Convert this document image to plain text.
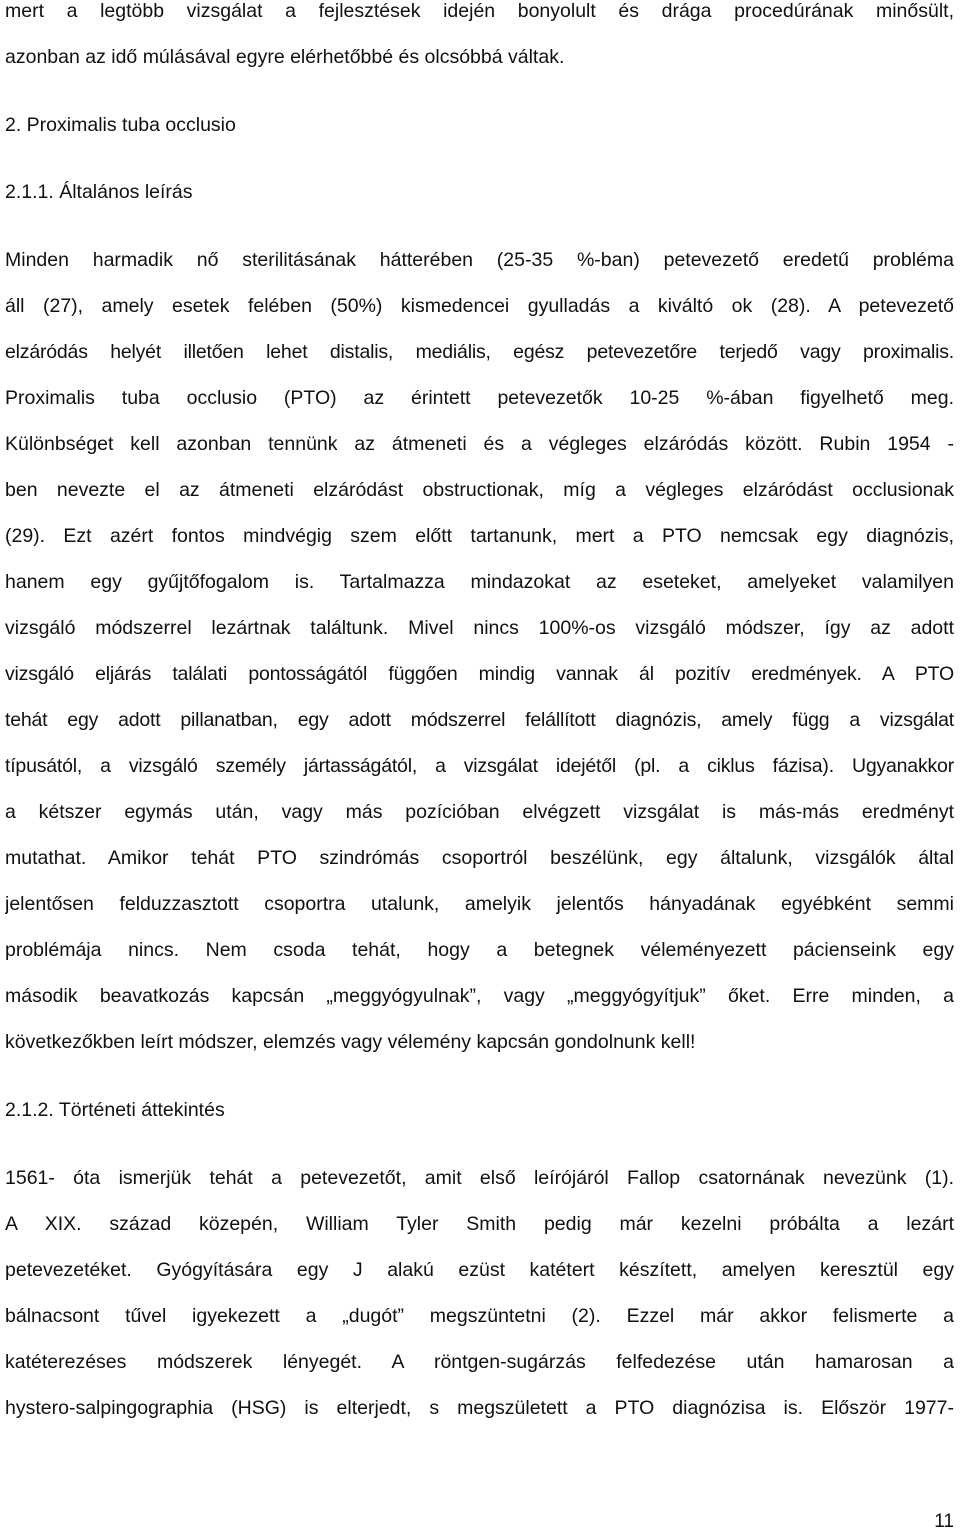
mert a legtöbb vizsgálat a fejlesztések idején bonyolult és drága procedúrának minősült,
azonban az idő múlásával egyre elérhetőbbé és olcsóbbá váltak.
2. Proximalis tuba occlusio
2.1.1. Általános leírás
Minden harmadik nő sterilitásának hátterében (25-35 %-ban) petevezető eredetű probléma
áll (27), amely esetek felében (50%) kismedencei gyulladás a kiváltó ok (28). A petevezető
elzáródás helyét illetően lehet distalis, mediális, egész petevezetőre terjedő vagy proximalis.
Proximalis tuba occlusio (PTO) az érintett petevezetők 10-25 %-ában figyelhető meg.
Különbséget kell azonban tennünk az átmeneti és a végleges elzáródás között. Rubin 1954 -
ben nevezte el az átmeneti elzáródást obstructionak, míg a végleges elzáródást occlusionak
(29). Ezt azért fontos mindvégig szem előtt tartanunk, mert a PTO nemcsak egy diagnózis,
hanem egy gyűjtőfogalom is. Tartalmazza mindazokat az eseteket, amelyeket valamilyen
vizsgáló módszerrel lezártnak találtunk. Mivel nincs 100%-os vizsgáló módszer, így az adott
vizsgáló eljárás találati pontosságától függően mindig vannak ál pozitív eredmények. A PTO
tehát egy adott pillanatban, egy adott módszerrel felállított diagnózis, amely függ a vizsgálat
típusától, a vizsgáló személy jártasságától, a vizsgálat idejétől (pl. a ciklus fázisa). Ugyanakkor
a kétszer egymás után, vagy más pozícióban elvégzett vizsgálat is más-más eredményt
mutathat. Amikor tehát PTO szindrómás csoportról beszélünk, egy általunk, vizsgálók által
jelentősen felduzzasztott csoportra utalunk, amelyik jelentős hányadának egyébként semmi
problémája nincs. Nem csoda tehát, hogy a betegnek véleményezett pácienseink egy
második beavatkozás kapcsán „meggyógyulnak”, vagy „meggyógyítjuk” őket. Erre minden, a
következőkben leírt módszer, elemzés vagy vélemény kapcsán gondolnunk kell!
2.1.2. Történeti áttekintés
1561- óta ismerjük tehát a petevezetőt, amit első leírójáról Fallop csatornának nevezünk (1).
A XIX. század közepén, William Tyler Smith pedig már kezelni próbálta a lezárt
petevezetéket. Gyógyítására egy J alakú ezüst katétert készített, amelyen keresztül egy
bálnacsont tűvel igyekezett a „dugót” megszüntetni (2). Ezzel már akkor felismerte a
katéterezéses módszerek lényegét. A röntgen-sugárzás felfedezése után hamarosan a
hystero-salpingographia (HSG) is elterjedt, s megszületett a PTO diagnózisa is. Először 1977-
11
